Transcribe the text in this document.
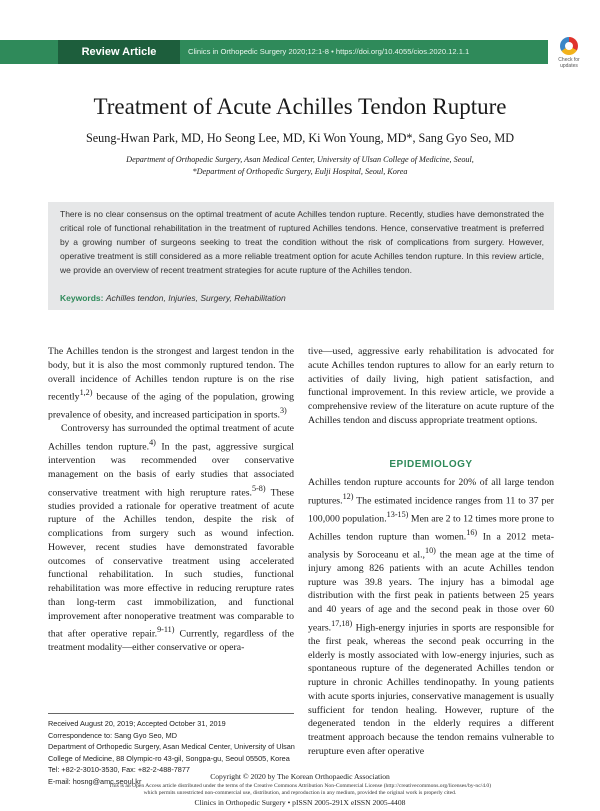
Review Article	Clinics in Orthopedic Surgery 2020;12:1-8 • https://doi.org/10.4055/cios.2020.12.1.1
Check for updates
Treatment of Acute Achilles Tendon Rupture
Seung-Hwan Park, MD, Ho Seong Lee, MD, Ki Won Young, MD*, Sang Gyo Seo, MD
Department of Orthopedic Surgery, Asan Medical Center, University of Ulsan College of Medicine, Seoul,
*Department of Orthopedic Surgery, Eulji Hospital, Seoul, Korea
There is no clear consensus on the optimal treatment of acute Achilles tendon rupture. Recently, studies have demonstrated the critical role of functional rehabilitation in the treatment of ruptured Achilles tendons. Hence, conservative treatment is preferred by a growing number of surgeons seeking to treat the condition without the risk of complications from surgery. However, operative treatment is still considered as a more reliable treatment option for acute Achilles tendon rupture. In this review article, we provide an overview of recent treatment strategies for acute rupture of the Achilles tendon.
Keywords: Achilles tendon, Injuries, Surgery, Rehabilitation

The Achilles tendon is the strongest and largest tendon in the body, but it is also the most commonly ruptured tendon. The overall incidence of Achilles tendon rupture is on the rise recently$^{1,2)}$ because of the aging of the population, growing prevalence of obesity, and increased participation in sports.$^{3)}$

Controversy has surrounded the optimal treatment of acute Achilles tendon rupture.$^{4)}$ In the past, aggressive surgical intervention was recommended over conservative management on the basis of early studies that associated conservative treatment with high rerupture rates.$^{5-8)}$ These studies provided a rationale for operative treatment of acute rupture of the Achilles tendon, despite the risk of complications from surgery such as wound infection. However, recent studies have demonstrated favorable outcomes of conservative treatment using accelerated functional rehabilitation. In such studies, functional rehabilitation was more effective in reducing rerupture rates than long-term cast immobilization, and functional improvement after nonoperative treatment was comparable to that after operative repair.$^{9-11)}$ Currently, regardless of the treatment modality—either conservative or opera-

tive—used, aggressive early rehabilitation is advocated for acute Achilles tendon ruptures to allow for an early return to activities of daily living, high patient satisfaction, and functional improvement. In this review article, we provide a comprehensive review of the literature on acute rupture of the Achilles tendon and discuss appropriate treatment options.

EPIDEMIOLOGY
Achilles tendon rupture accounts for 20% of all large tendon ruptures.$^{12)}$ The estimated incidence ranges from 11 to 37 per 100,000 population.$^{13-15)}$ Men are 2 to 12 times more prone to Achilles tendon rupture than women.$^{16)}$ In a 2012 meta-analysis by Soroceanu et al.,$^{10)}$ the mean age at the time of injury among 826 patients with an acute Achilles tendon rupture was 39.8 years. The injury has a bimodal age distribution with the first peak in patients between 25 years and 40 years of age and the second peak in those over 60 years.$^{17,18)}$ High-energy injuries in sports are responsible for the first peak, whereas the second peak occurring in the elderly is mostly associated with low-energy injuries, such as spontaneous rupture of the degenerated Achilles tendon or rupture in chronic Achilles tendinopathy. In young patients with acute sports injuries, conservative management is usually sufficient for tendon healing. However, rupture of the degenerated tendon in the elderly requires a different treatment approach because the tendon remains vulnerable to rerupture even after operative
Received August 20, 2019; Accepted October 31, 2019
Correspondence to: Sang Gyo Seo, MD
Department of Orthopedic Surgery, Asan Medical Center, University of Ulsan
College of Medicine, 88 Olympic-ro 43-gil, Songpa-gu, Seoul 05505, Korea
Tel: +82-2-3010-3530, Fax: +82-2-488-7877
E-mail: hosng@amc.seoul.kr	Copyright © 2020 by The Korean Orthopaedic Association
This is an Open Access article distributed under the terms of the Creative Commons Attribution Non-Commercial License (http://creativecommons.org/licenses/by-nc/4.0)
which permits unrestricted non-commercial use, distribution, and reproduction in any medium, provided the original work is properly cited.
Clinics in Orthopedic Surgery • pISSN 2005-291X eISSN 2005-4408
